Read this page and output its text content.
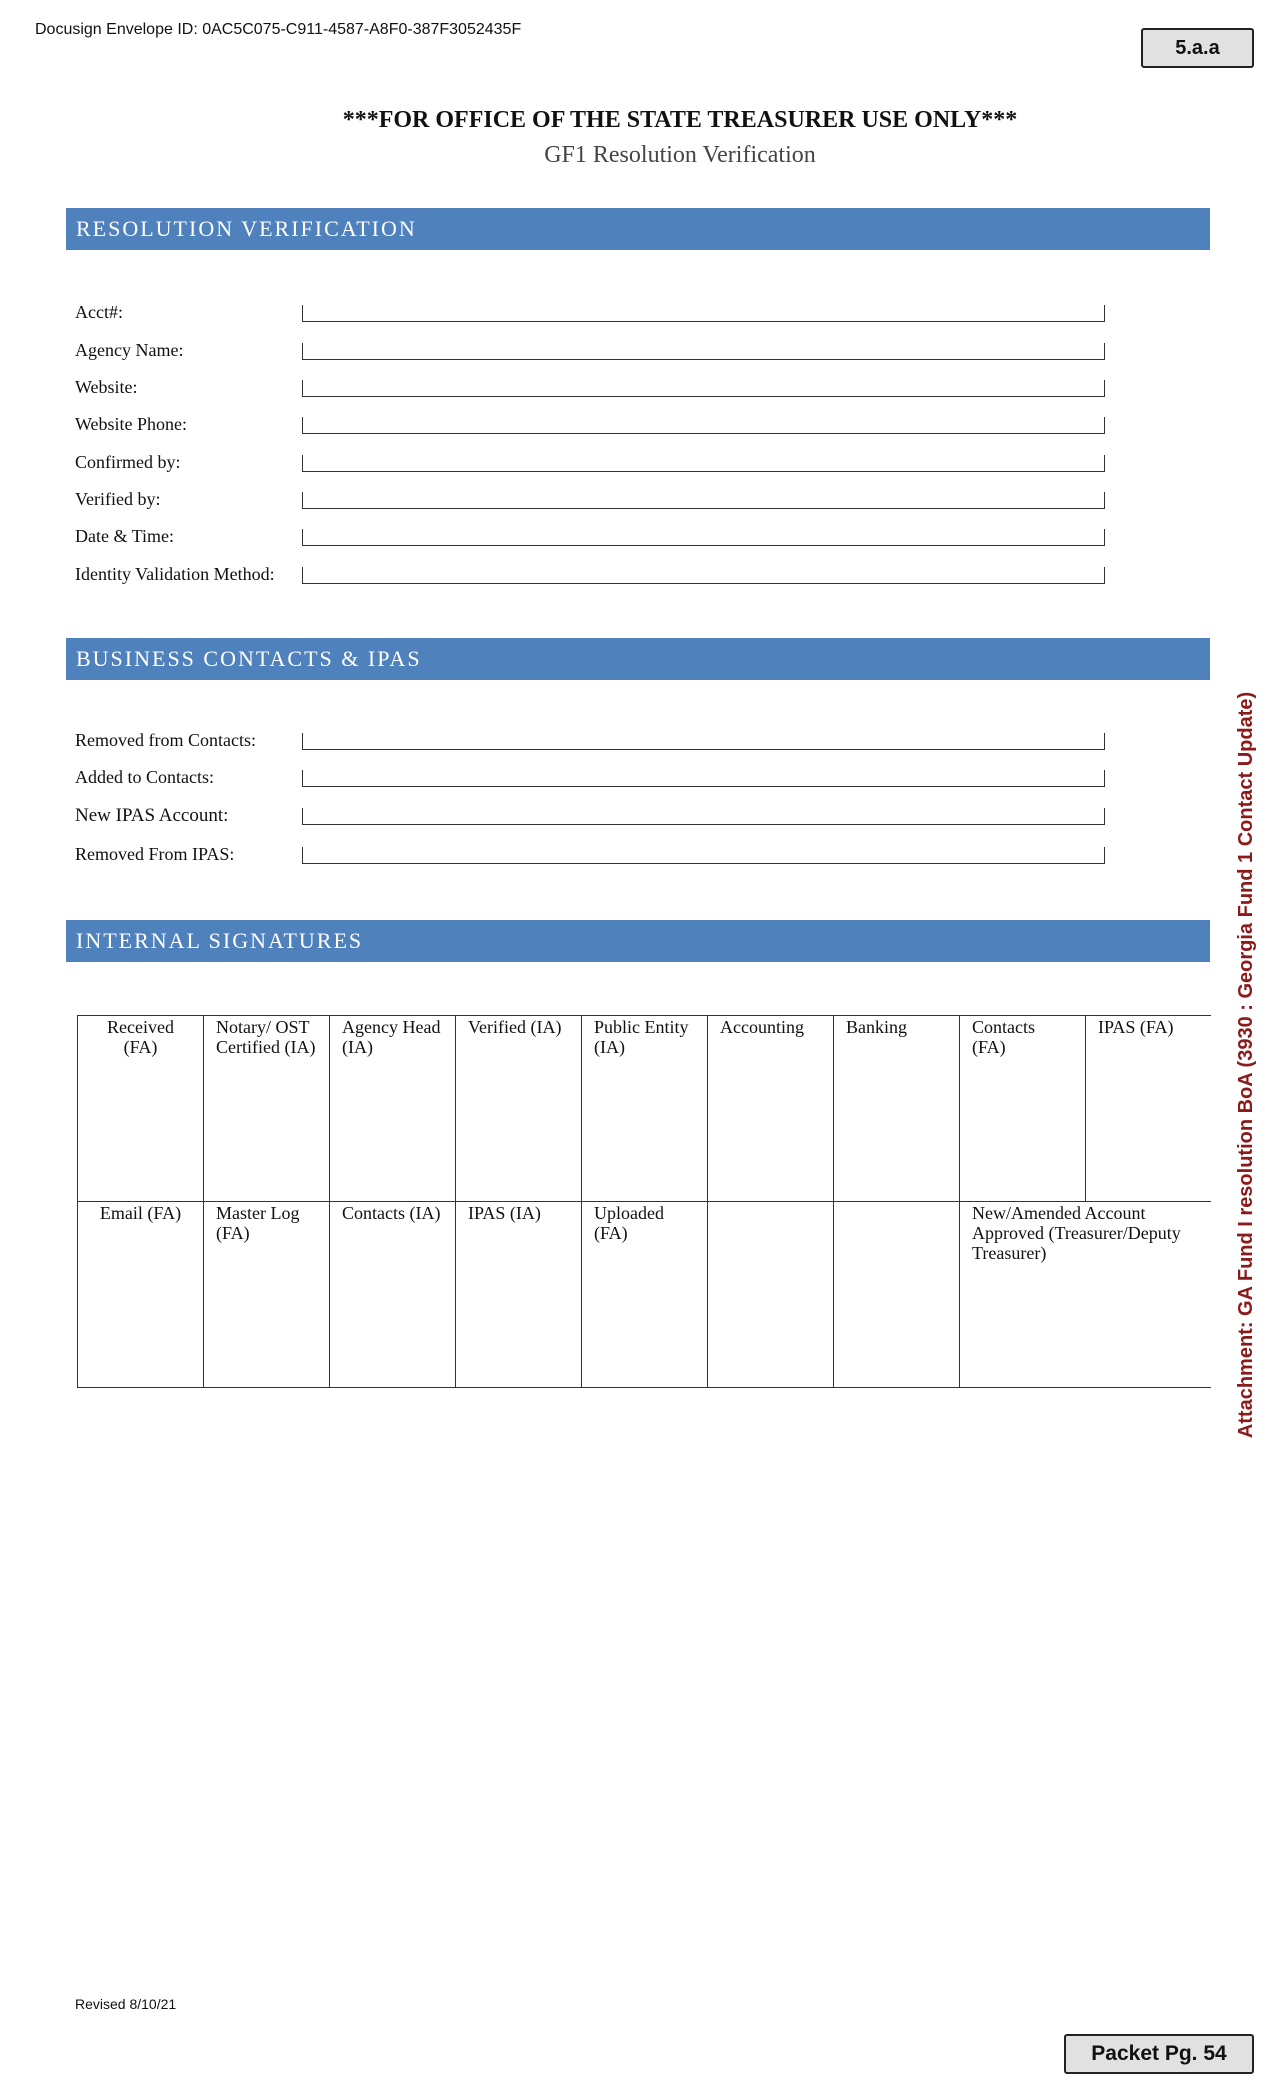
Docusign Envelope ID: 0AC5C075-C911-4587-A8F0-387F3052435F
5.a.a
***FOR OFFICE OF THE STATE TREASURER USE ONLY***
GF1 Resolution Verification
RESOLUTION VERIFICATION
Acct#:
Agency Name:
Website:
Website Phone:
Confirmed by:
Verified by:
Date & Time:
Identity Validation Method:
BUSINESS CONTACTS & IPAS
Removed from Contacts:
Added to Contacts:
New IPAS Account:
Removed From IPAS:
INTERNAL SIGNATURES
Received (FA)	Notary/ OST Certified (IA)	Agency Head (IA)	Verified (IA)	Public Entity (IA)	Accounting	Banking	Contacts (FA)	IPAS (FA)
Email (FA)	Master Log (FA)	Contacts (IA)	IPAS (IA)	Uploaded (FA)			New/Amended Account Approved (Treasurer/Deputy Treasurer)		Attachment: GA Fund I resolution BoA (3930 : Georgia Fund 1 Contact Update)
Revised 8/10/21
Packet Pg. 54
